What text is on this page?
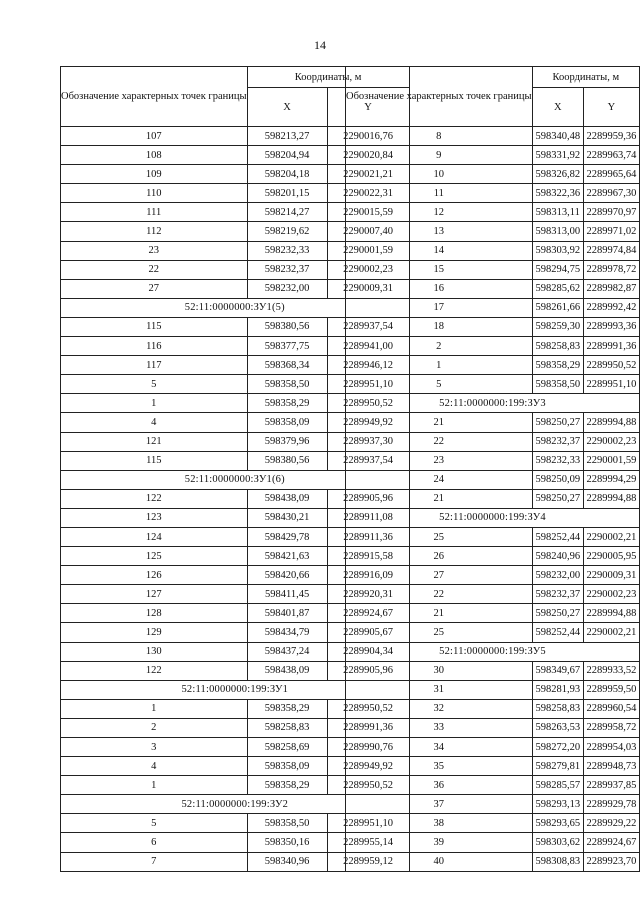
14
Обозначение характерных точек границы	Координаты, м	
	X	Y
107	598213,27	2290016,76
108	598204,94	2290020,84
109	598204,18	2290021,21
110	598201,15	2290022,31
111	598214,27	2290015,59
112	598219,62	2290007,40
23	598232,33	2290001,59
22	598232,37	2290002,23
27	598232,00	2290009,31
52:11:0000000:ЗУ1(5)		
115	598380,56	2289937,54
116	598377,75	2289941,00
117	598368,34	2289946,12
5	598358,50	2289951,10
1	598358,29	2289950,52
4	598358,09	2289949,92
121	598379,96	2289937,30
115	598380,56	2289937,54
52:11:0000000:ЗУ1(6)		
122	598438,09	2289905,96
123	598430,21	2289911,08
124	598429,78	2289911,36
125	598421,63	2289915,58
126	598420,66	2289916,09
127	598411,45	2289920,31
128	598401,87	2289924,67
129	598434,79	2289905,67
130	598437,24	2289904,34
122	598438,09	2289905,96
52:11:0000000:199:ЗУ1		
1	598358,29	2289950,52
2	598258,83	2289991,36
3	598258,69	2289990,76
4	598358,09	2289949,92
1	598358,29	2289950,52
52:11:0000000:199:ЗУ2		
5	598358,50	2289951,10
6	598350,16	2289955,14
7	598340,96	2289959,12
Обозначение характерных точек границы	Координаты, м	
	X	Y
8	598340,48	2289959,36
9	598331,92	2289963,74
10	598326,82	2289965,64
11	598322,36	2289967,30
12	598313,11	2289970,97
13	598313,00	2289971,02
14	598303,92	2289974,84
15	598294,75	2289978,72
16	598285,62	2289982,87
17	598261,66	2289992,42
18	598259,30	2289993,36
2	598258,83	2289991,36
1	598358,29	2289950,52
5	598358,50	2289951,10
52:11:0000000:199:ЗУ3		
21	598250,27	2289994,88
22	598232,37	2290002,23
23	598232,33	2290001,59
24	598250,09	2289994,29
21	598250,27	2289994,88
52:11:0000000:199:ЗУ4		
25	598252,44	2290002,21
26	598240,96	2290005,95
27	598232,00	2290009,31
22	598232,37	2290002,23
21	598250,27	2289994,88
25	598252,44	2290002,21
52:11:0000000:199:ЗУ5		
30	598349,67	2289933,52
31	598281,93	2289959,50
32	598258,83	2289960,54
33	598263,53	2289958,72
34	598272,20	2289954,03
35	598279,81	2289948,73
36	598285,57	2289937,85
37	598293,13	2289929,78
38	598293,65	2289929,22
39	598303,62	2289924,67
40	598308,83	2289923,70
